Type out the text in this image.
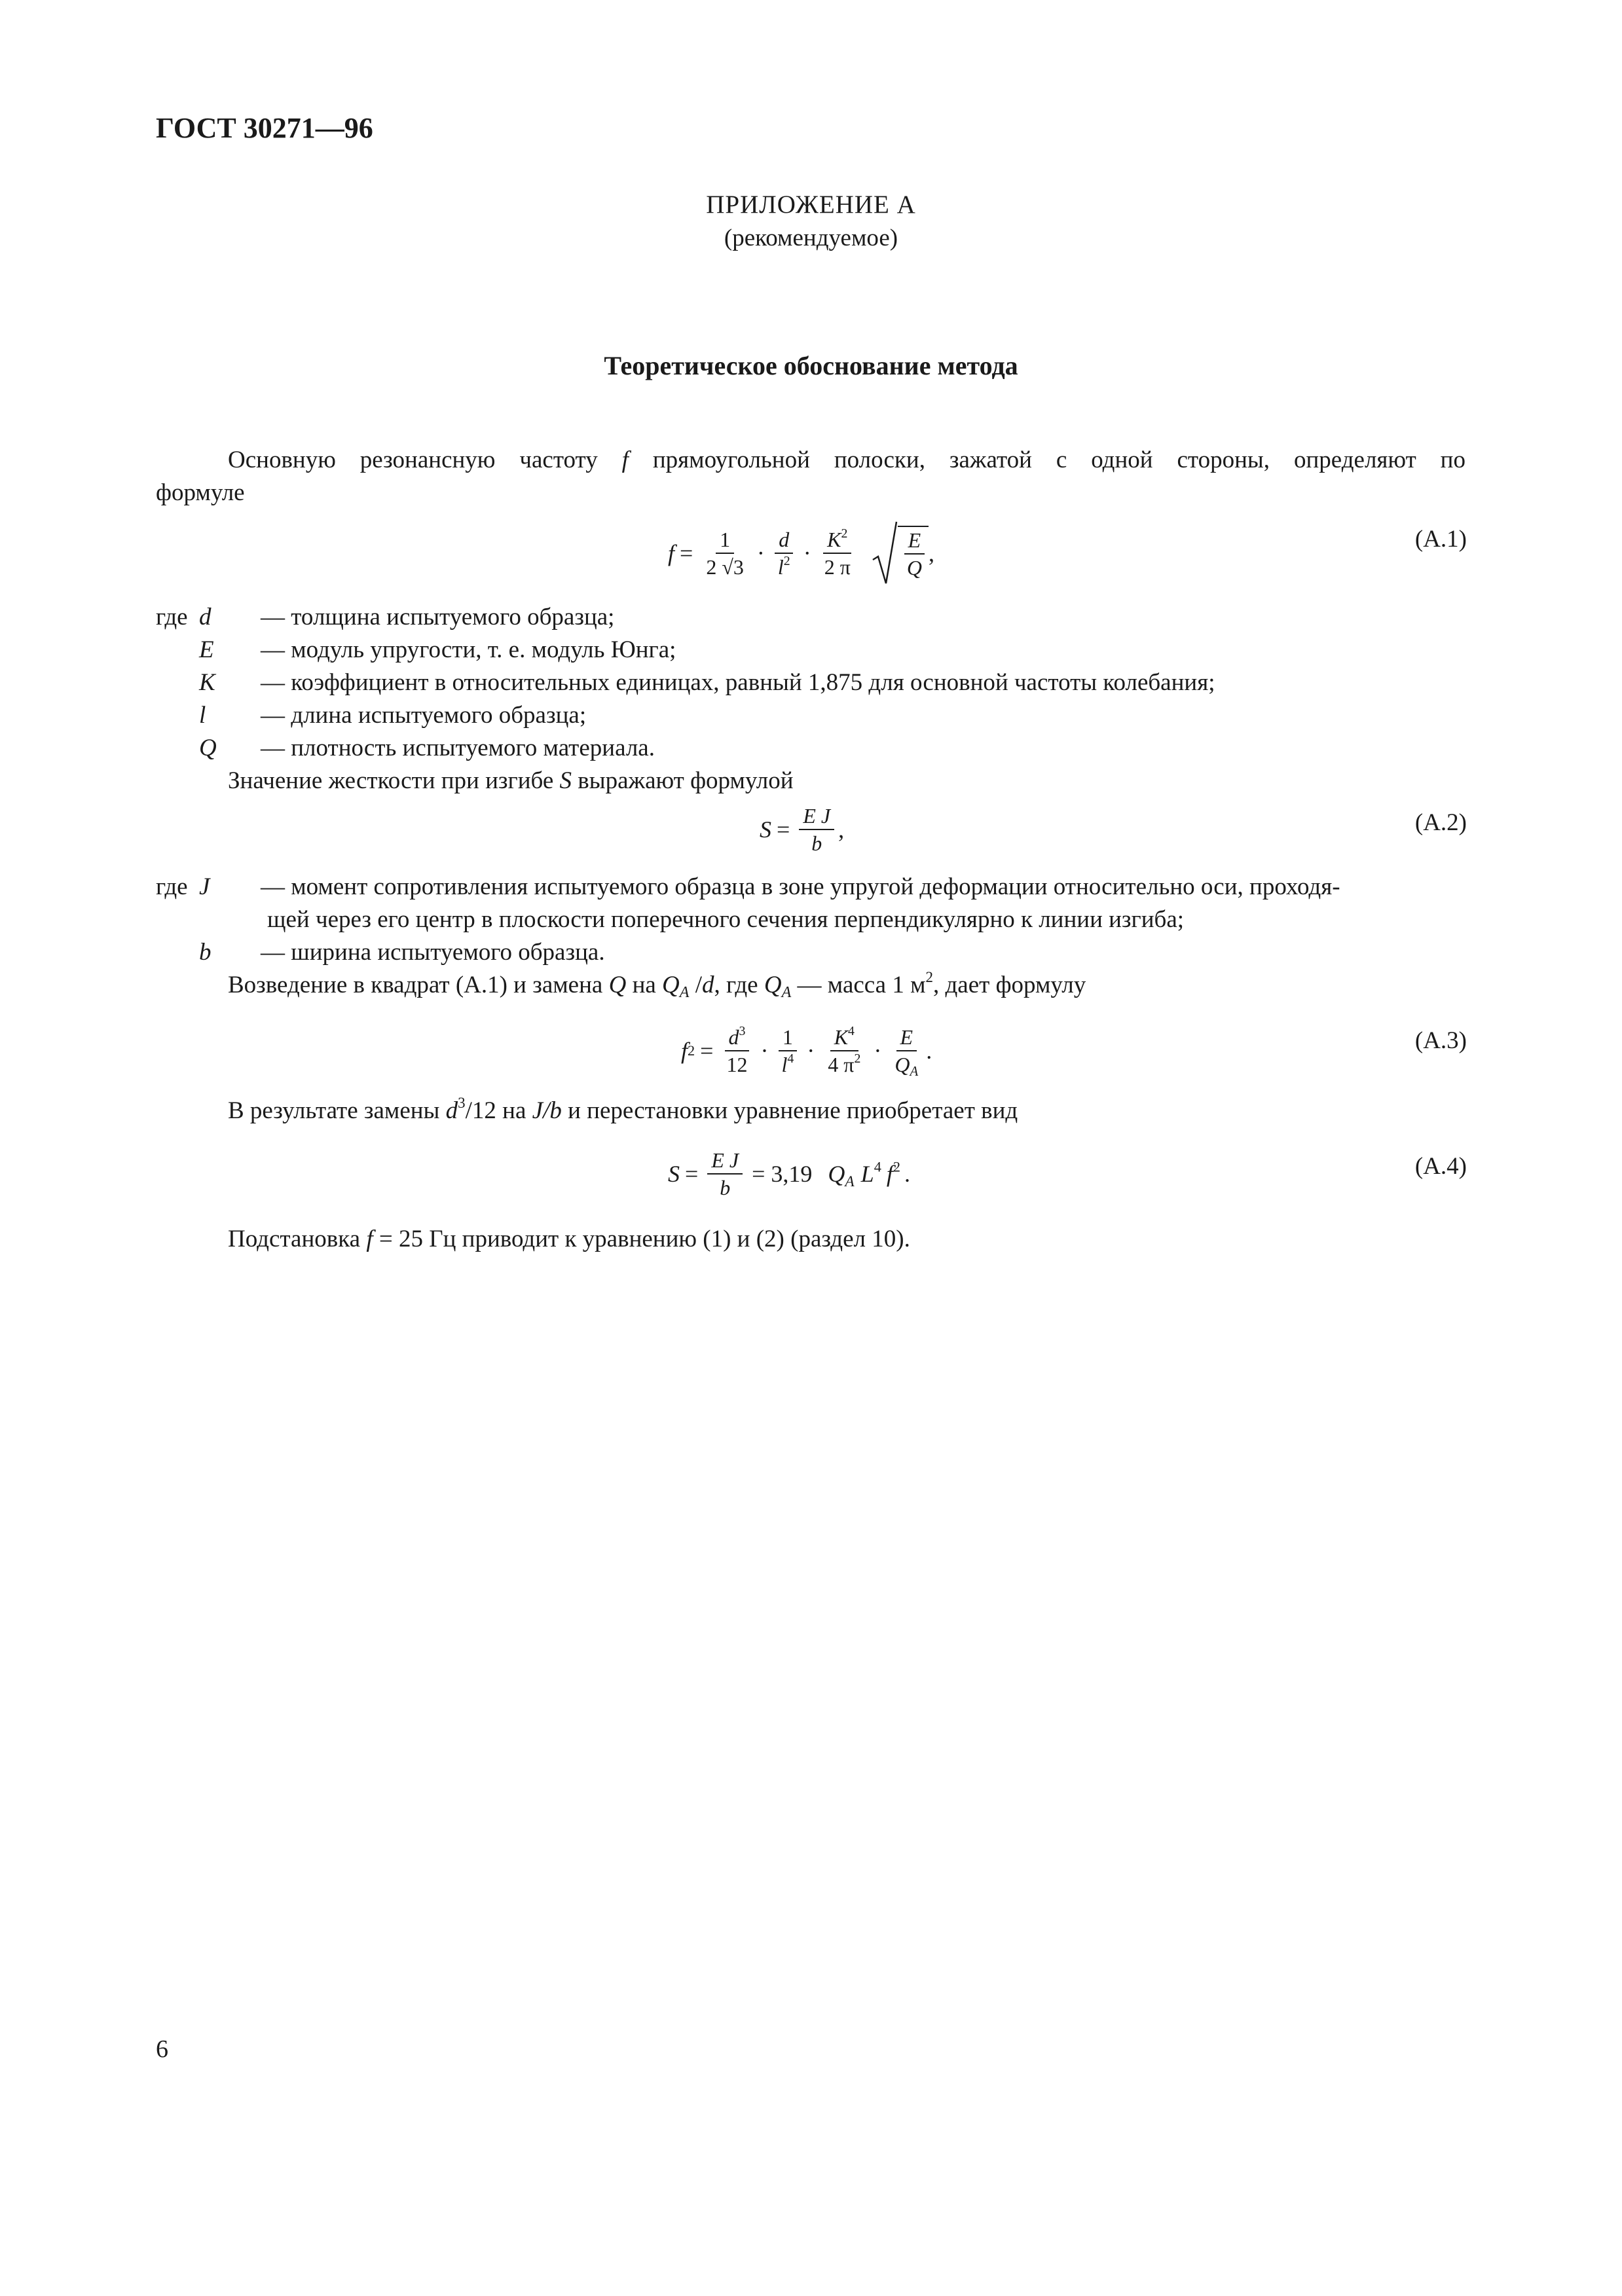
ГОСТ 30271—96
ПРИЛОЖЕНИЕ А
(рекомендуемое)
Теоретическое обоснование метода
Основную резонансную частоту f прямоугольной полоски, зажатой с одной стороны, определяют по
формуле
$f = \frac{1}{2 √3} \cdot \frac{d}{l^2} \cdot \frac{K^2}{2 \pi} \frac{E}{Q}$ ,
(А.1)
где d	— толщина испытуемого образца;
E	— модуль упругости, т. е. модуль Юнга;
K	— коэффициент в относительных единицах, равный 1,875 для основной частоты колебания;
l	— длина испытуемого образца;
Q	— плотность испытуемого материала.
Значение жесткости при изгибе S выражают формулой
$S = \frac{\text{E J}}{b}$ ,	(А.2)
где J	— момент сопротивления испытуемого образца в зоне упругой деформации относительно оси, проходя-
щей через его центр в плоскости поперечного сечения перпендикулярно к линии изгиба;
b	— ширина испытуемого образца.
Возведение в квадрат (А.1) и замена Q на $Q_A$ /d, где $Q_A$ — масса 1 $м^2$, дает формулу
f $2 = \frac{d^3}{12} \cdot \frac{1}{l^4} \cdot \frac{K^4}{4 \pi^2} \cdot \frac{E}{Q_A}$ .	(А.3)
В результате замены $d^3/12$ на J/b и перестановки уравнение приобретает вид
$S = \frac{\text{E J}}{b} = 3,19$ $Q_A$ $L^4$ $f^2$ .	(А.4)
Подстановка f = 25 Гц приводит к уравнению (1) и (2) (раздел 10).
6
